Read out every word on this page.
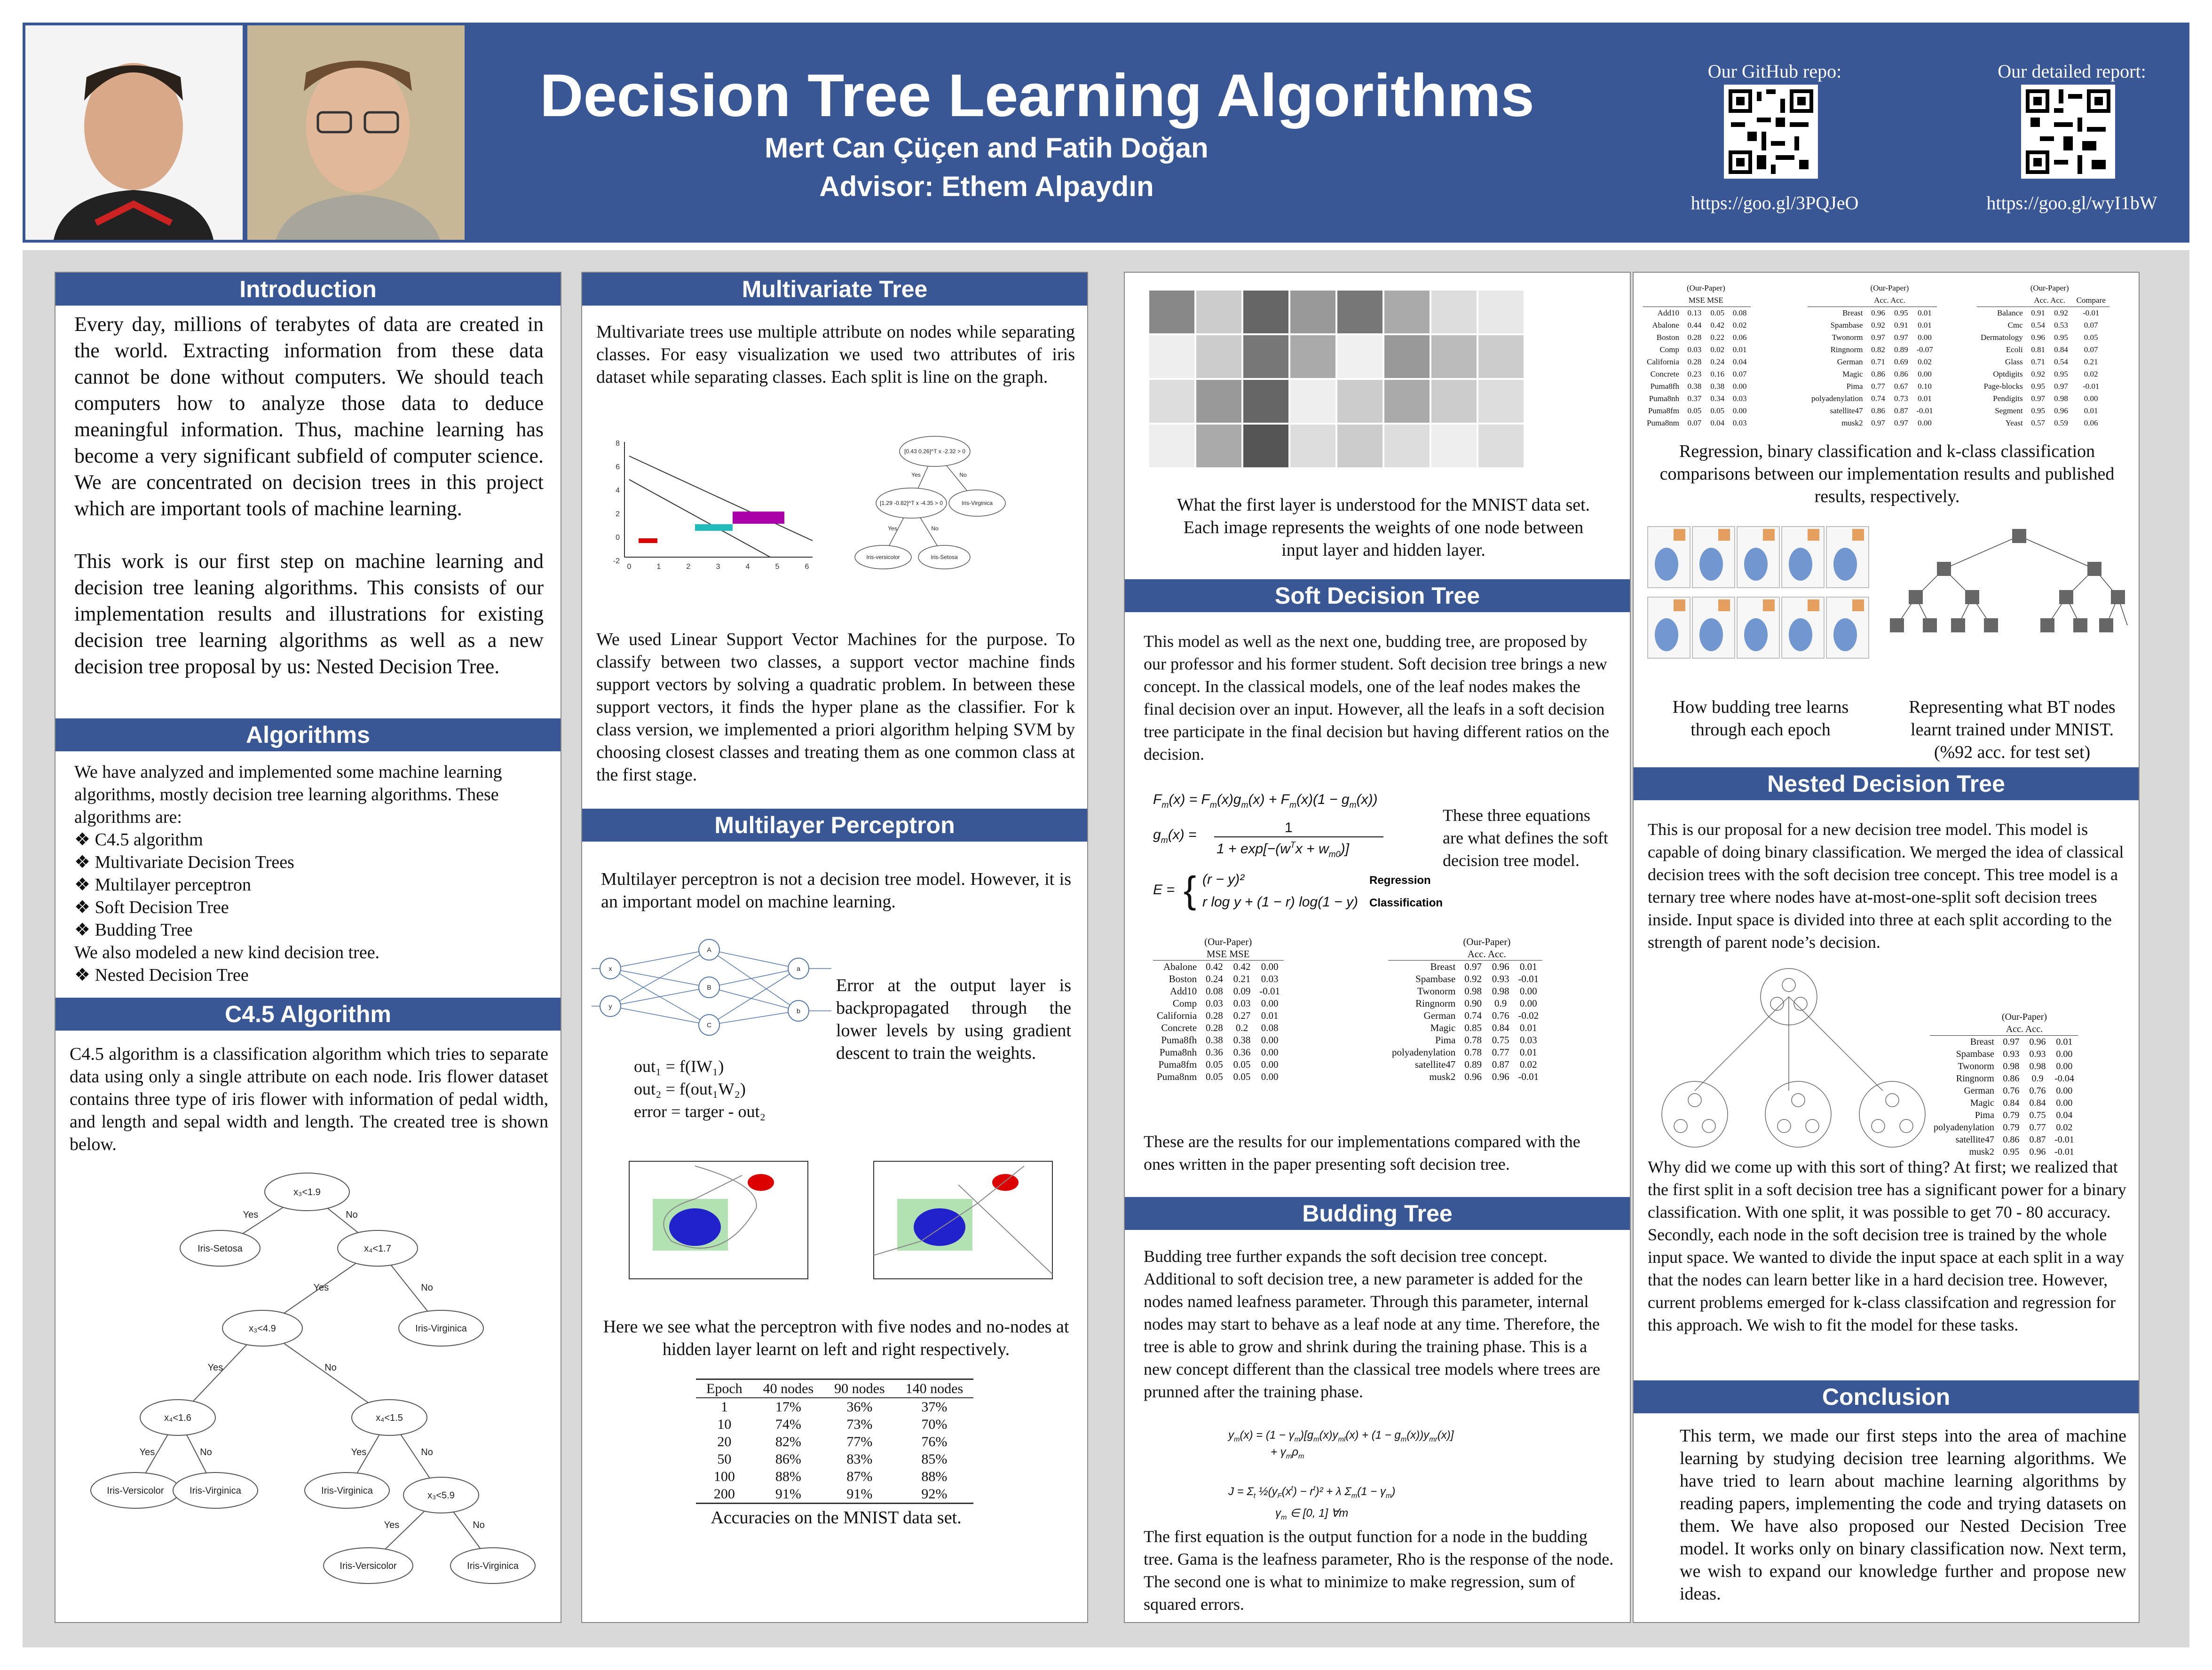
Decision Tree Learning Algorithms
Mert Can Çüçen and Fatih Doğan
Advisor: Ethem Alpaydın
Our GitHub repo:
https://goo.gl/3PQJeO
Our detailed report:
https://goo.gl/wyI1bW
Introduction
Every day, millions of terabytes of data are created in the world. Extracting information from these data cannot be done without computers. We should teach computers how to analyze those data to deduce meaningful information. Thus, machine learning has become a very significant subfield of computer science. We are concentrated on decision trees in this project which are important tools of machine learning.
This work is our first step on machine learning and decision tree leaning algorithms. This consists of our implementation results and illustrations for existing decision tree learning algorithms as well as a new decision tree proposal by us: Nested Decision Tree.
Algorithms
We have analyzed and implemented some machine learning algorithms, mostly decision tree learning algorithms. These algorithms are:
❖ C4.5 algorithm
❖ Multivariate Decision Trees
❖ Multilayer perceptron
❖ Soft Decision Tree
❖ Budding Tree
We also modeled a new kind decision tree.
❖ Nested Decision Tree
C4.5 Algorithm
C4.5 algorithm is a classification algorithm which tries to separate data using only a single attribute on each node. Iris flower dataset contains three type of iris flower with information of pedal width, and length and sepal width and length. The created tree is shown below.
x₃<1.9
Iris-Setosa	x₄<1.7
x₃<4.9	Iris-Virginica
x₄<1.6	x₄<1.5
Iris-Versicolor	Iris-Virginica	Iris-Virginica	x₃<5.9
Iris-Versicolor	Iris-Virginica
Yes	No
Yes	No
Yes	No
Yes	No	Yes	No
Yes	No
Multivariate Tree
Multivariate trees use multiple attribute on nodes while separating classes. For easy visualization we used two attributes of iris dataset while separating classes. Each split is line on the graph.
8
6
4
2
0
-2
0	1	2	3	4	5	6
[0.43 0.26]^T x -2.32 > 0
[1.29 -0.82]^T x -4.35 > 0	Iris-Virginica
Iris-versicolor	Iris-Setosa
Yes	No
Yes	No
We used Linear Support Vector Machines for the purpose. To classify between two classes, a support vector machine finds support vectors by solving a quadratic problem. In between these support vectors, it finds the hyper plane as the classifier. For k class version, we implemented a priori algorithm helping SVM by choosing closest classes and treating them as one common class at the first stage.
Multilayer Perceptron
Multilayer perceptron is not a decision tree model. However, it is an important model on machine learning.
x
y
A
B
C
a
b
Error at the output layer is backpropagated through the lower levels by using gradient descent to train the weights.
out₁ = f(IW₁)
out₂ = f(out₁W₂)
error = targer - out₂
Here we see what the perceptron with five nodes and no-nodes at hidden layer learnt on left and right respectively.
Epoch	40 nodes	90 nodes	140 nodes
1	17%	36%	37%
10	74%	73%	70%
20	82%	77%	76%
50	86%	83%	85%
100	88%	87%	88%
200	91%	91%	92%
Accuracies on the MNIST data set.
What the first layer is understood for the MNIST data set. Each image represents the weights of one node between input layer and hidden layer.
Soft Decision Tree
This model as well as the next one, budding tree, are proposed by our professor and his former student. Soft decision tree brings a new concept. In the classical models, one of the leaf nodes makes the final decision over an input. However, all the leafs in a soft decision tree participate in the final decision but having different ratios on the decision.
$F_m(x) = F_m(x)g_m(x) + F_m(x)(1 - g_m(x))$
$g_m(x)$ =	1
$1 + \exp[-(w^Tx + w_{m0})]$
E = { (r − y)²
r log y + (1 − r) log(1 − y)
Regression
Classification
These three equations are what defines the soft decision tree model.
	(Our-Paper)		
	MSE MSE		
Abalone	0.42	0.42	0.00
Boston	0.24	0.21	0.03
Add10	0.08	0.09	-0.01
Comp	0.03	0.03	0.00
California	0.28	0.27	0.01
Concrete	0.28	0.2	0.08
Puma8fh	0.38	0.38	0.00
Puma8nh	0.36	0.36	0.00
Puma8fm	0.05	0.05	0.00
Puma8nm	0.05	0.05	0.00
	(Our-Paper)		
	Acc. Acc.		
Breast	0.97	0.96	0.01
Spambase	0.92	0.93	-0.01
Twonorm	0.98	0.98	0.00
Ringnorm	0.90	0.9	0.00
German	0.74	0.76	-0.02
Magic	0.85	0.84	0.01
Pima	0.78	0.75	0.03
polyadenylation	0.78	0.77	0.01
satellite47	0.89	0.87	0.02
musk2	0.96	0.96	-0.01
These are the results for our implementations compared with the ones written in the paper presenting soft decision tree.
Budding Tree
Budding tree further expands the soft decision tree concept. Additional to soft decision tree, a new parameter is added for the nodes named leafness parameter. Through this parameter, internal nodes may start to behave as a leaf node at any time. Therefore, the tree is able to grow and shrink during the training phase. This is a new concept different than the classical tree models where trees are prunned after the training phase.
$y_m(x) = (1 - \gamma_m)[g_m(x)y_{ml}(x) + (1 - g_m(x))y_{mr}(x)]$
+ $\gamma_m\rho_m$
$J = \Sigma_t$ $\frac{1}{2}(y_F(x^t) - r^t)^2 + \lambda$ $\Sigma_m(1 - \gamma_m)$
$\gamma_m$ ∈ [0, 1] ∀m
The first equation is the output function for a node in the budding tree. Gama is the leafness parameter, Rho is the response of the node. The second one is what to minimize to make regression, sum of squared errors.
	(Our-Paper)		
	MSE MSE		
Add10	0.13	0.05	0.08
Abalone	0.44	0.42	0.02
Boston	0.28	0.22	0.06
Comp	0.03	0.02	0.01
California	0.28	0.24	0.04
Concrete	0.23	0.16	0.07
Puma8fh	0.38	0.38	0.00
Puma8nh	0.37	0.34	0.03
Puma8fm	0.05	0.05	0.00
Puma8nm	0.07	0.04	0.03
	(Our-Paper)		
	Acc. Acc.		
Breast	0.96	0.95	0.01
Spambase	0.92	0.91	0.01
Twonorm	0.97	0.97	0.00
Ringnorm	0.82	0.89	-0.07
German	0.71	0.69	0.02
Magic	0.86	0.86	0.00
Pima	0.77	0.67	0.10
polyadenylation	0.74	0.73	0.01
satellite47	0.86	0.87	-0.01
musk2	0.97	0.97	0.00
	(Our-Paper)		
	Acc. Acc.		Compare
Balance	0.91	0.92	-0.01
Cmc	0.54	0.53	0.07
Dermatology	0.96	0.95	0.05
Ecoli	0.81	0.84	0.07
Glass	0.71	0.54	0.21
Optdigits	0.92	0.95	0.02
Page-blocks	0.95	0.97	-0.01
Pendigits	0.97	0.98	0.00
Segment	0.95	0.96	0.01
Yeast	0.57	0.59	0.06
Regression, binary classification and k-class classification comparisons between our implementation results and published results, respectively.
How budding tree learns through each epoch
Representing what BT nodes learnt trained under MNIST.(%92 acc. for test set)
Nested Decision Tree
This is our proposal for a new decision tree model. This model is capable of doing binary classification. We merged the idea of classical decision trees with the soft decision tree concept. This tree model is a ternary tree where nodes have at-most-one-split soft decision trees inside. Input space is divided into three at each split according to the strength of parent node’s decision.
	(Our-Paper)		
	Acc. Acc.		
Breast	0.97	0.96	0.01
Spambase	0.93	0.93	0.00
Twonorm	0.98	0.98	0.00
Ringnorm	0.86	0.9	-0.04
German	0.76	0.76	0.00
Magic	0.84	0.84	0.00
Pima	0.79	0.75	0.04
polyadenylation	0.79	0.77	0.02
satellite47	0.86	0.87	-0.01
musk2	0.95	0.96	-0.01
Why did we come up with this sort of thing? At first; we realized that the first split in a soft decision tree has a significant power for a binary classification. With one split, it was possible to get 70 - 80 accuracy. Secondly, each node in the soft decision tree is trained by the whole input space. We wanted to divide the input space at each split in a way that the nodes can learn better like in a hard decision tree. However, current problems emerged for k-class classifcation and regression for this approach. We wish to fit the model for these tasks.
Conclusion
This term, we made our first steps into the area of machine learning by studying decision tree learning algorithms. We have tried to learn about machine learning algorithms by reading papers, implementing the code and trying datasets on them. We have also proposed our Nested Decision Tree model. It works only on binary classification now. Next term, we wish to expand our knowledge further and propose new ideas.
